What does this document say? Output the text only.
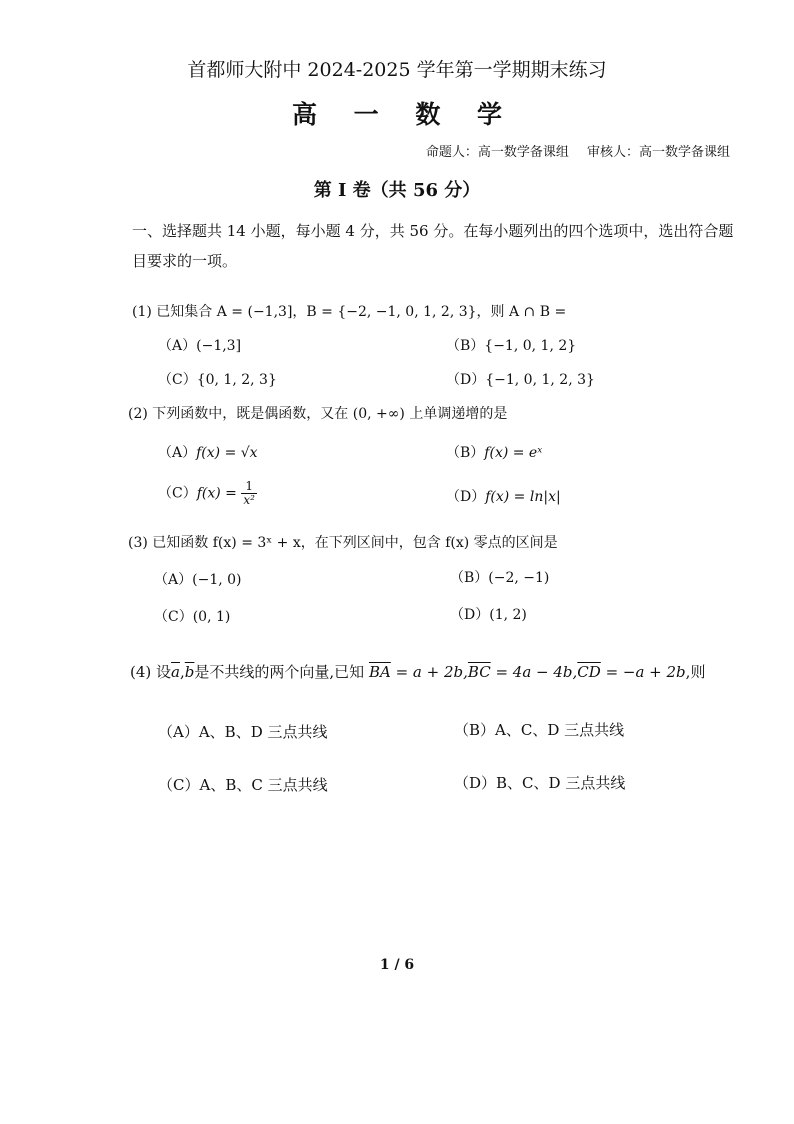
首都师大附中 2024-2025 学年第一学期期末练习
高 一 数 学
命题人：高一数学备课组 审核人：高一数学备课组
第 I 卷（共 56 分）
一、选择题共 14 小题，每小题 4 分，共 56 分。在每小题列出的四个选项中，选出符合题目要求的一项。
(1) 已知集合 A = (−1,3]，B = {−2, −1, 0, 1, 2, 3}，则 A ∩ B =
（A）(−1,3]	（B）{−1, 0, 1, 2}
（C）{0, 1, 2, 3}	（D）{−1, 0, 1, 2, 3}
(2) 下列函数中，既是偶函数，又在 (0, +∞) 上单调递增的是
（A）f(x) = √x	（B）f(x) = eˣ
$(C)f(x) = \frac{1}{\text{x²}}$	（D）f(x) = ln|x|
(3) 已知函数 f(x) = 3ˣ + x，在下列区间中，包含 f(x) 零点的区间是
（A）(−1, 0)	（B）(−2, −1)
（C）(0, 1)	（D）(1, 2)
(4) 设$\overline{a},\overline{b}$是不共线的两个向量,已知 $\overline{BA} = a + 2b,\overline{BC} = 4a - 4b,\overline{CD} = -a + 2b$,则
（A）A、B、D 三点共线	（B）A、C、D 三点共线
（C）A、B、C 三点共线	（D）B、C、D 三点共线
1 / 6
